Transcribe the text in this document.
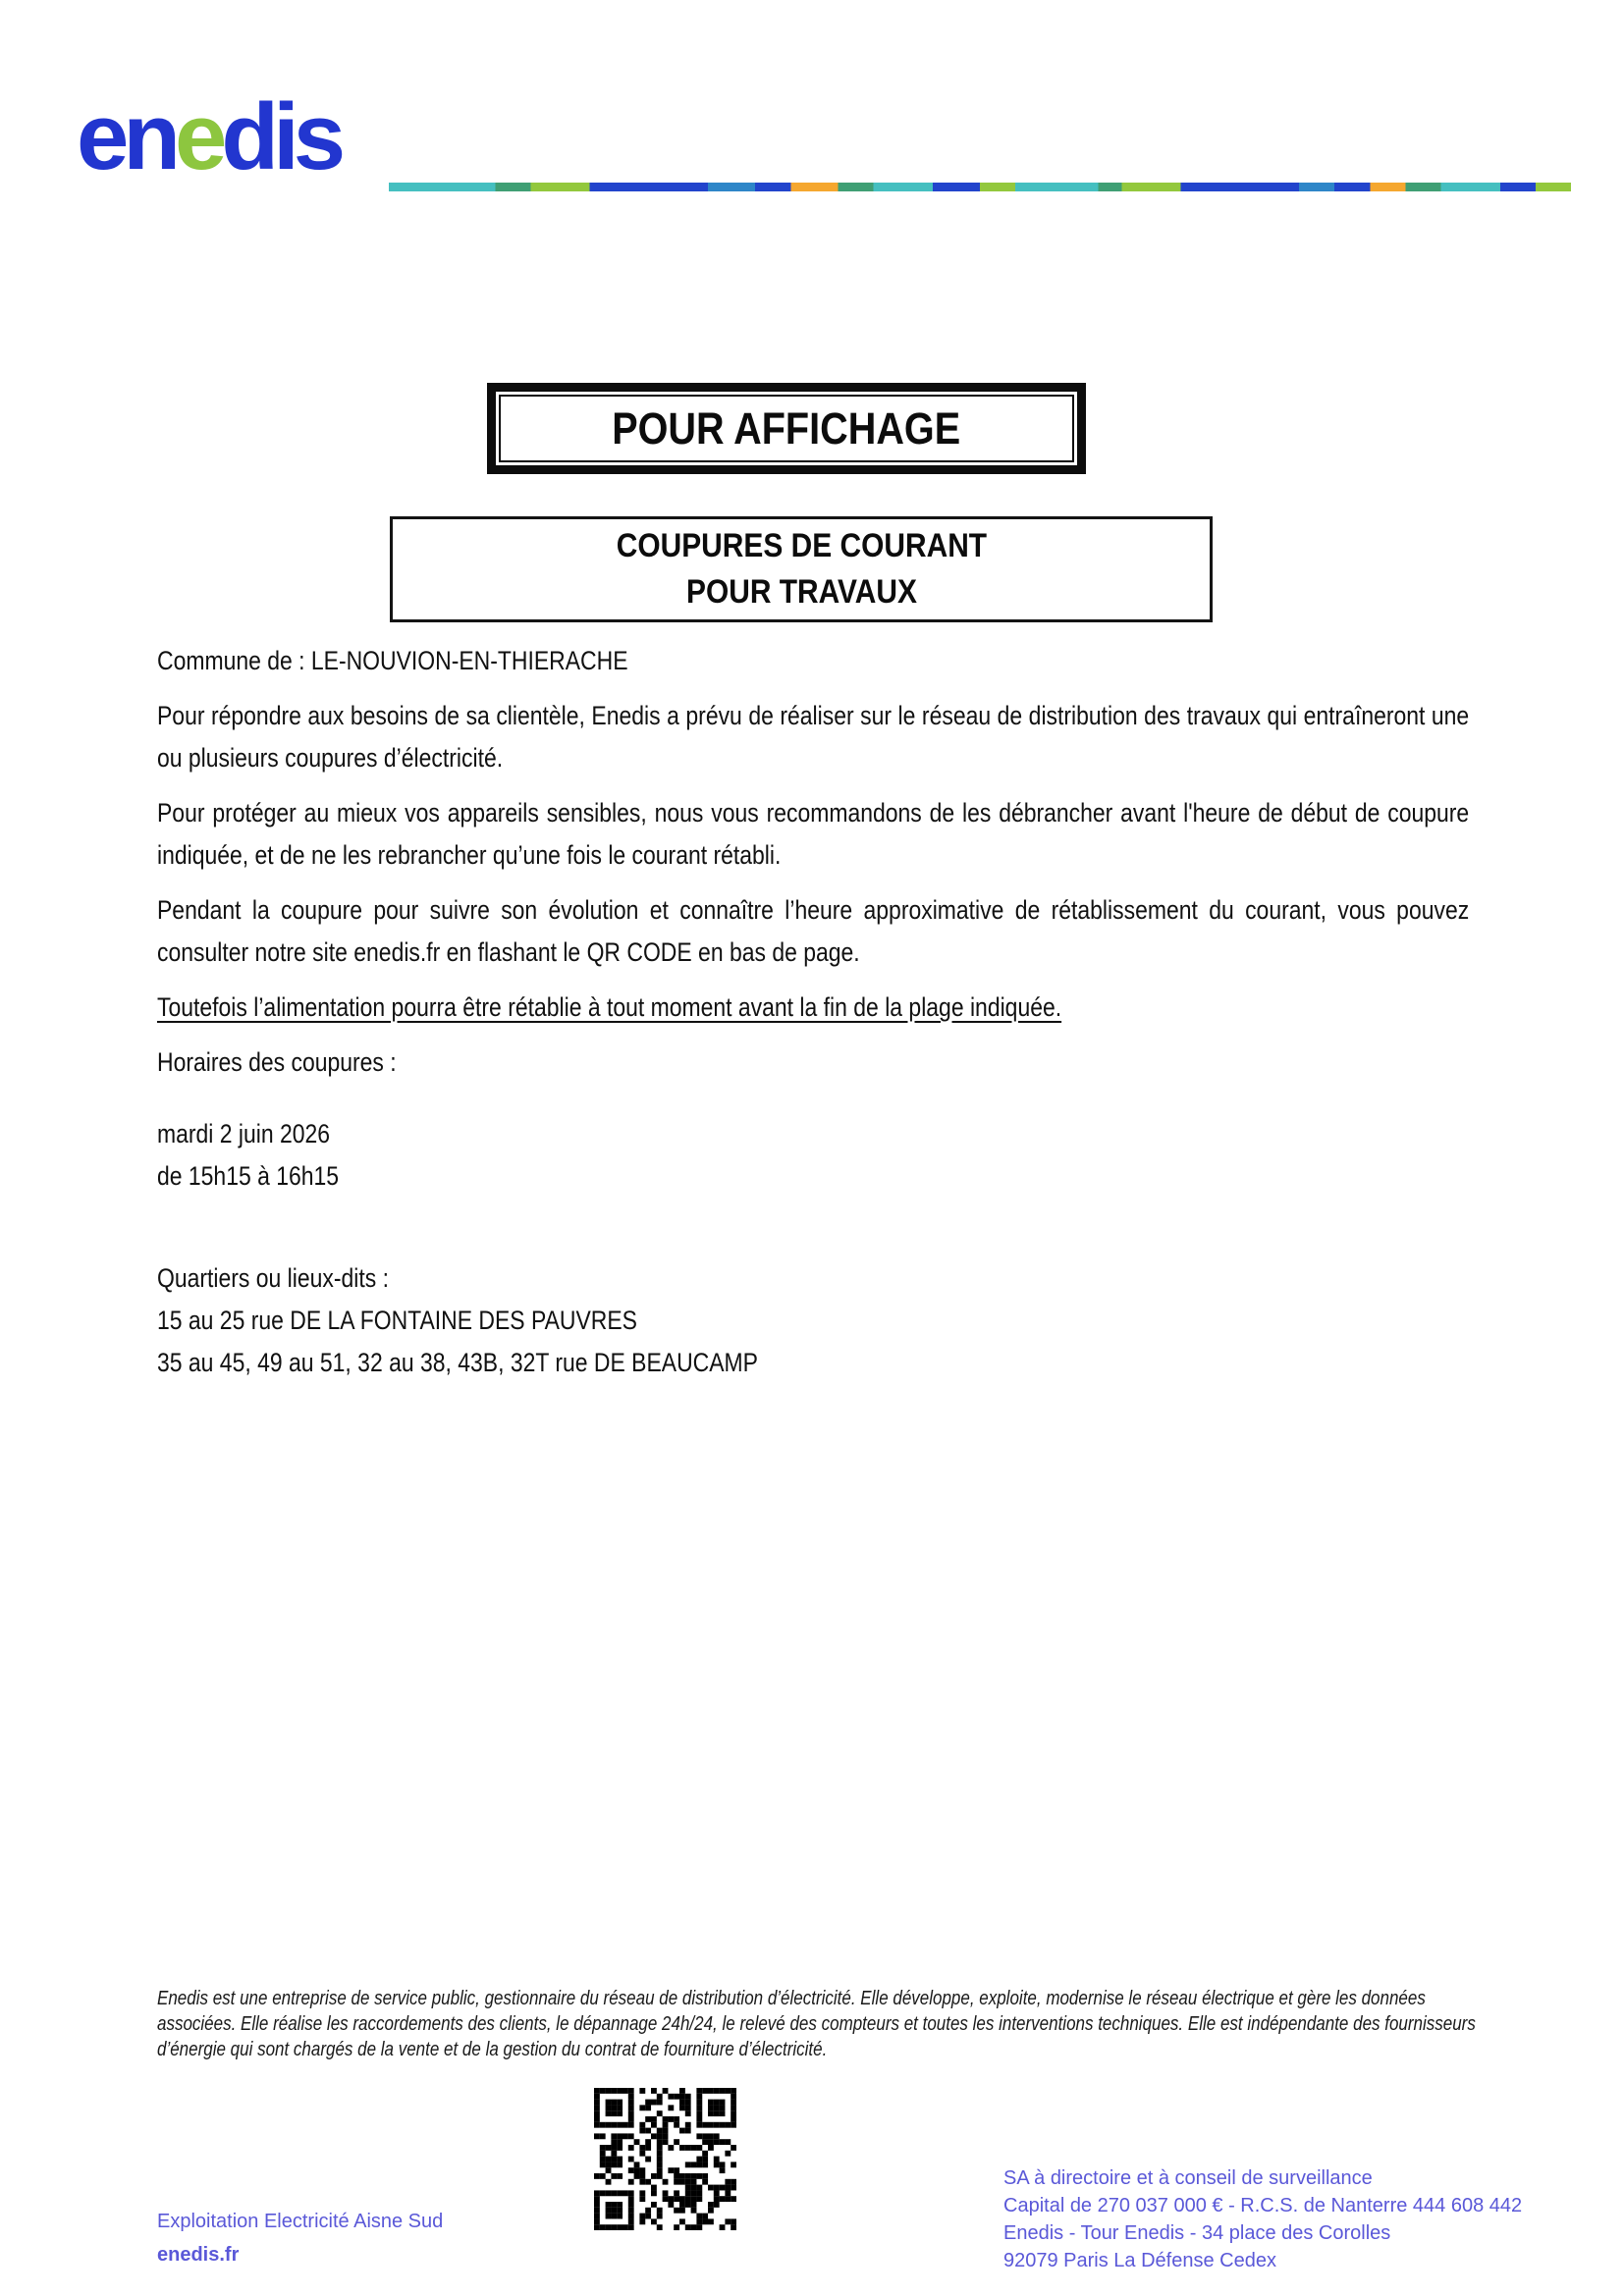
enedis
POUR AFFICHAGE
COUPURES DE COURANT
POUR TRAVAUX

Commune de : LE-NOUVION-EN-THIERACHE

Pour répondre aux besoins de sa clientèle, Enedis a prévu de réaliser sur le réseau de distribution des travaux qui entraîneront une ou plusieurs coupures d’électricité.

Pour protéger au mieux vos appareils sensibles, nous vous recommandons de les débrancher avant l'heure de début de coupure indiquée, et de ne les rebrancher qu’une fois le courant rétabli.

Pendant la coupure pour suivre son évolution et connaître l’heure approximative de rétablissement du courant, vous pouvez consulter notre site enedis.fr en flashant le QR CODE en bas de page.

Toutefois l’alimentation pourra être rétablie à tout moment avant la fin de la plage indiquée.

Horaires des coupures :

mardi 2 juin 2026

de 15h15 à 16h15

Quartiers ou lieux-dits :

15 au 25 rue DE LA FONTAINE DES PAUVRES

35 au 45, 49 au 51, 32 au 38, 43B, 32T rue DE BEAUCAMP

Enedis est une entreprise de service public, gestionnaire du réseau de distribution d’électricité. Elle développe, exploite, modernise le réseau électrique et gère les données associées. Elle réalise les raccordements des clients, le dépannage 24h/24, le relevé des compteurs et toutes les interventions techniques. Elle est indépendante des fournisseurs d’énergie qui sont chargés de la vente et de la gestion du contrat de fourniture d’électricité.
Exploitation Electricité Aisne Sud
enedis.fr
SA à directoire et à conseil de surveillance
Capital de 270 037 000 € - R.C.S. de Nanterre 444 608 442
Enedis - Tour Enedis - 34 place des Corolles
92079 Paris La Défense Cedex
